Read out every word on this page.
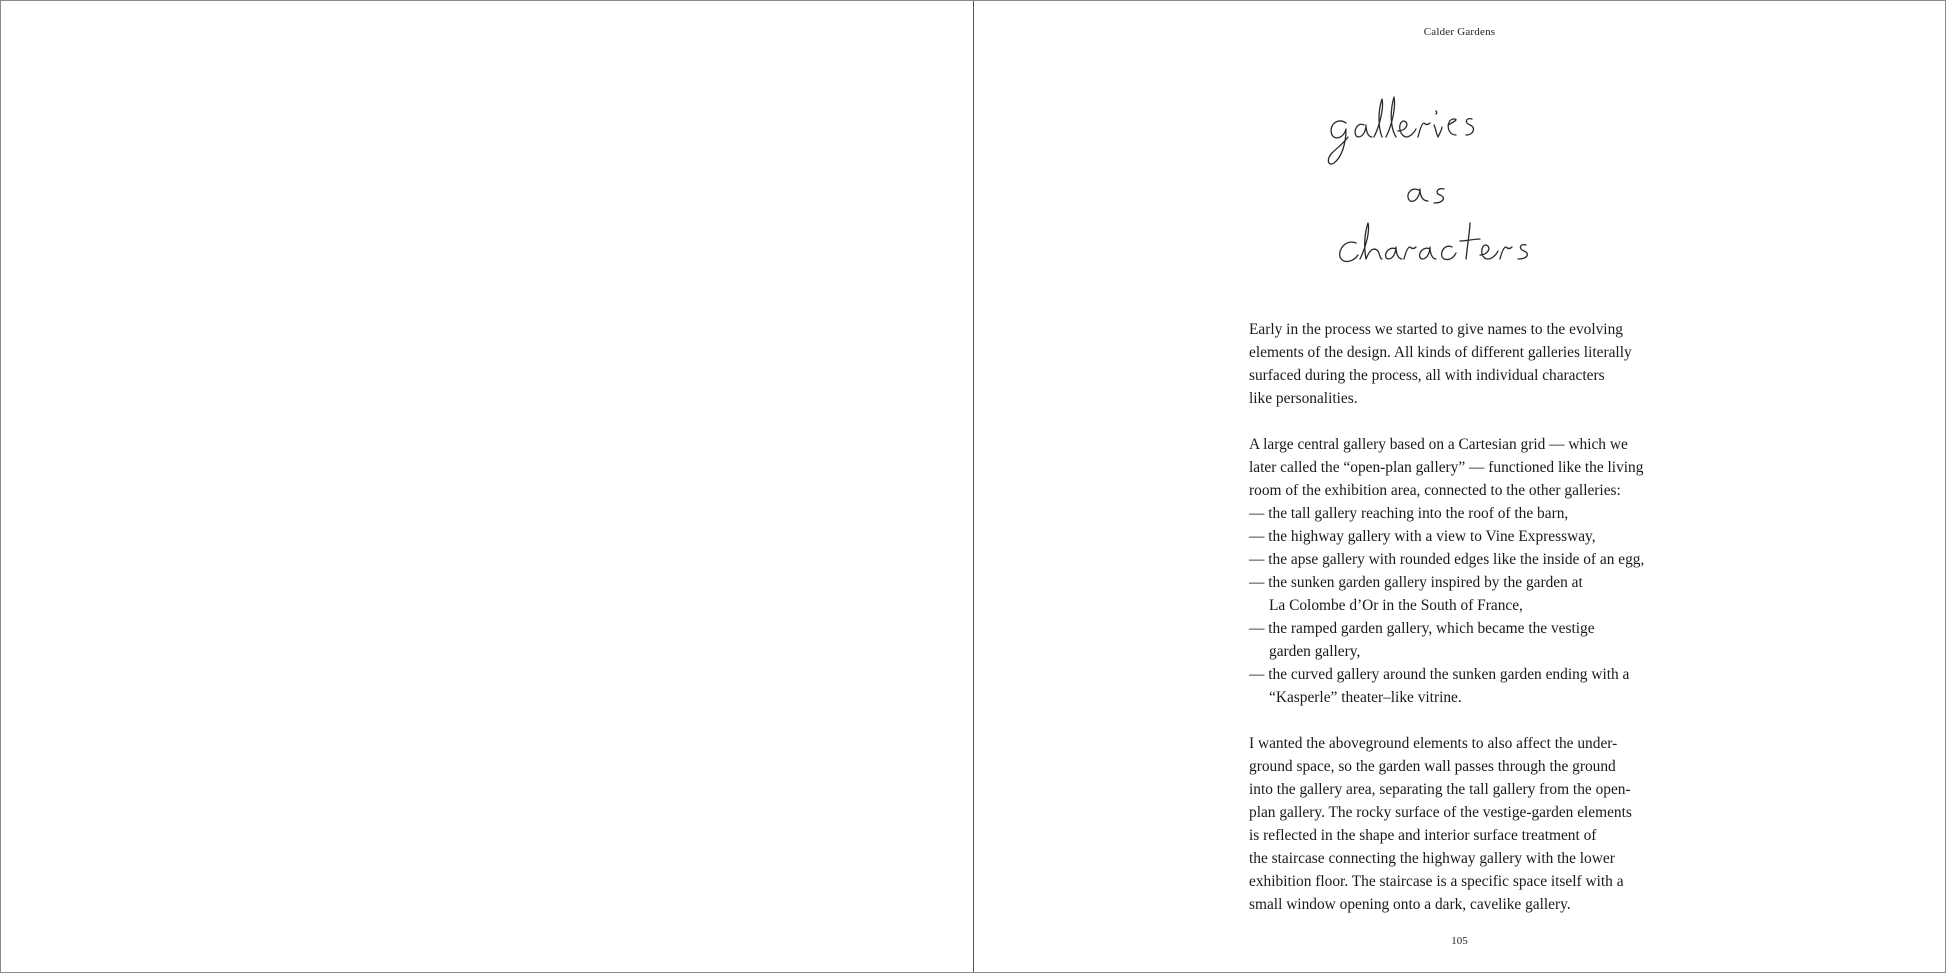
Calder Gardens

Early in the process we started to give names to the evolving
elements of the design. All kinds of different galleries literally
surfaced during the process, all with individual characters
like personalities.

A large central gallery based on a Cartesian grid — which we
later called the “open-plan gallery” — functioned like the living
room of the exhibition area, connected to the other galleries:
— the tall gallery reaching into the roof of the barn,
— the highway gallery with a view to Vine Expressway,
— the apse gallery with rounded edges like the inside of an egg,
— the sunken garden gallery inspired by the garden at
La Colombe d’Or in the South of France,
— the ramped garden gallery, which became the vestige
garden gallery,
— the curved gallery around the sunken garden ending with a
“Kasperle” theater–like vitrine.

I wanted the aboveground elements to also affect the under-
ground space, so the garden wall passes through the ground
into the gallery area, separating the tall gallery from the open-
plan gallery. The rocky surface of the vestige-garden elements
is reflected in the shape and interior surface treatment of
the staircase connecting the highway gallery with the lower
exhibition floor. The staircase is a specific space itself with a
small window opening onto a dark, cavelike gallery.

105
